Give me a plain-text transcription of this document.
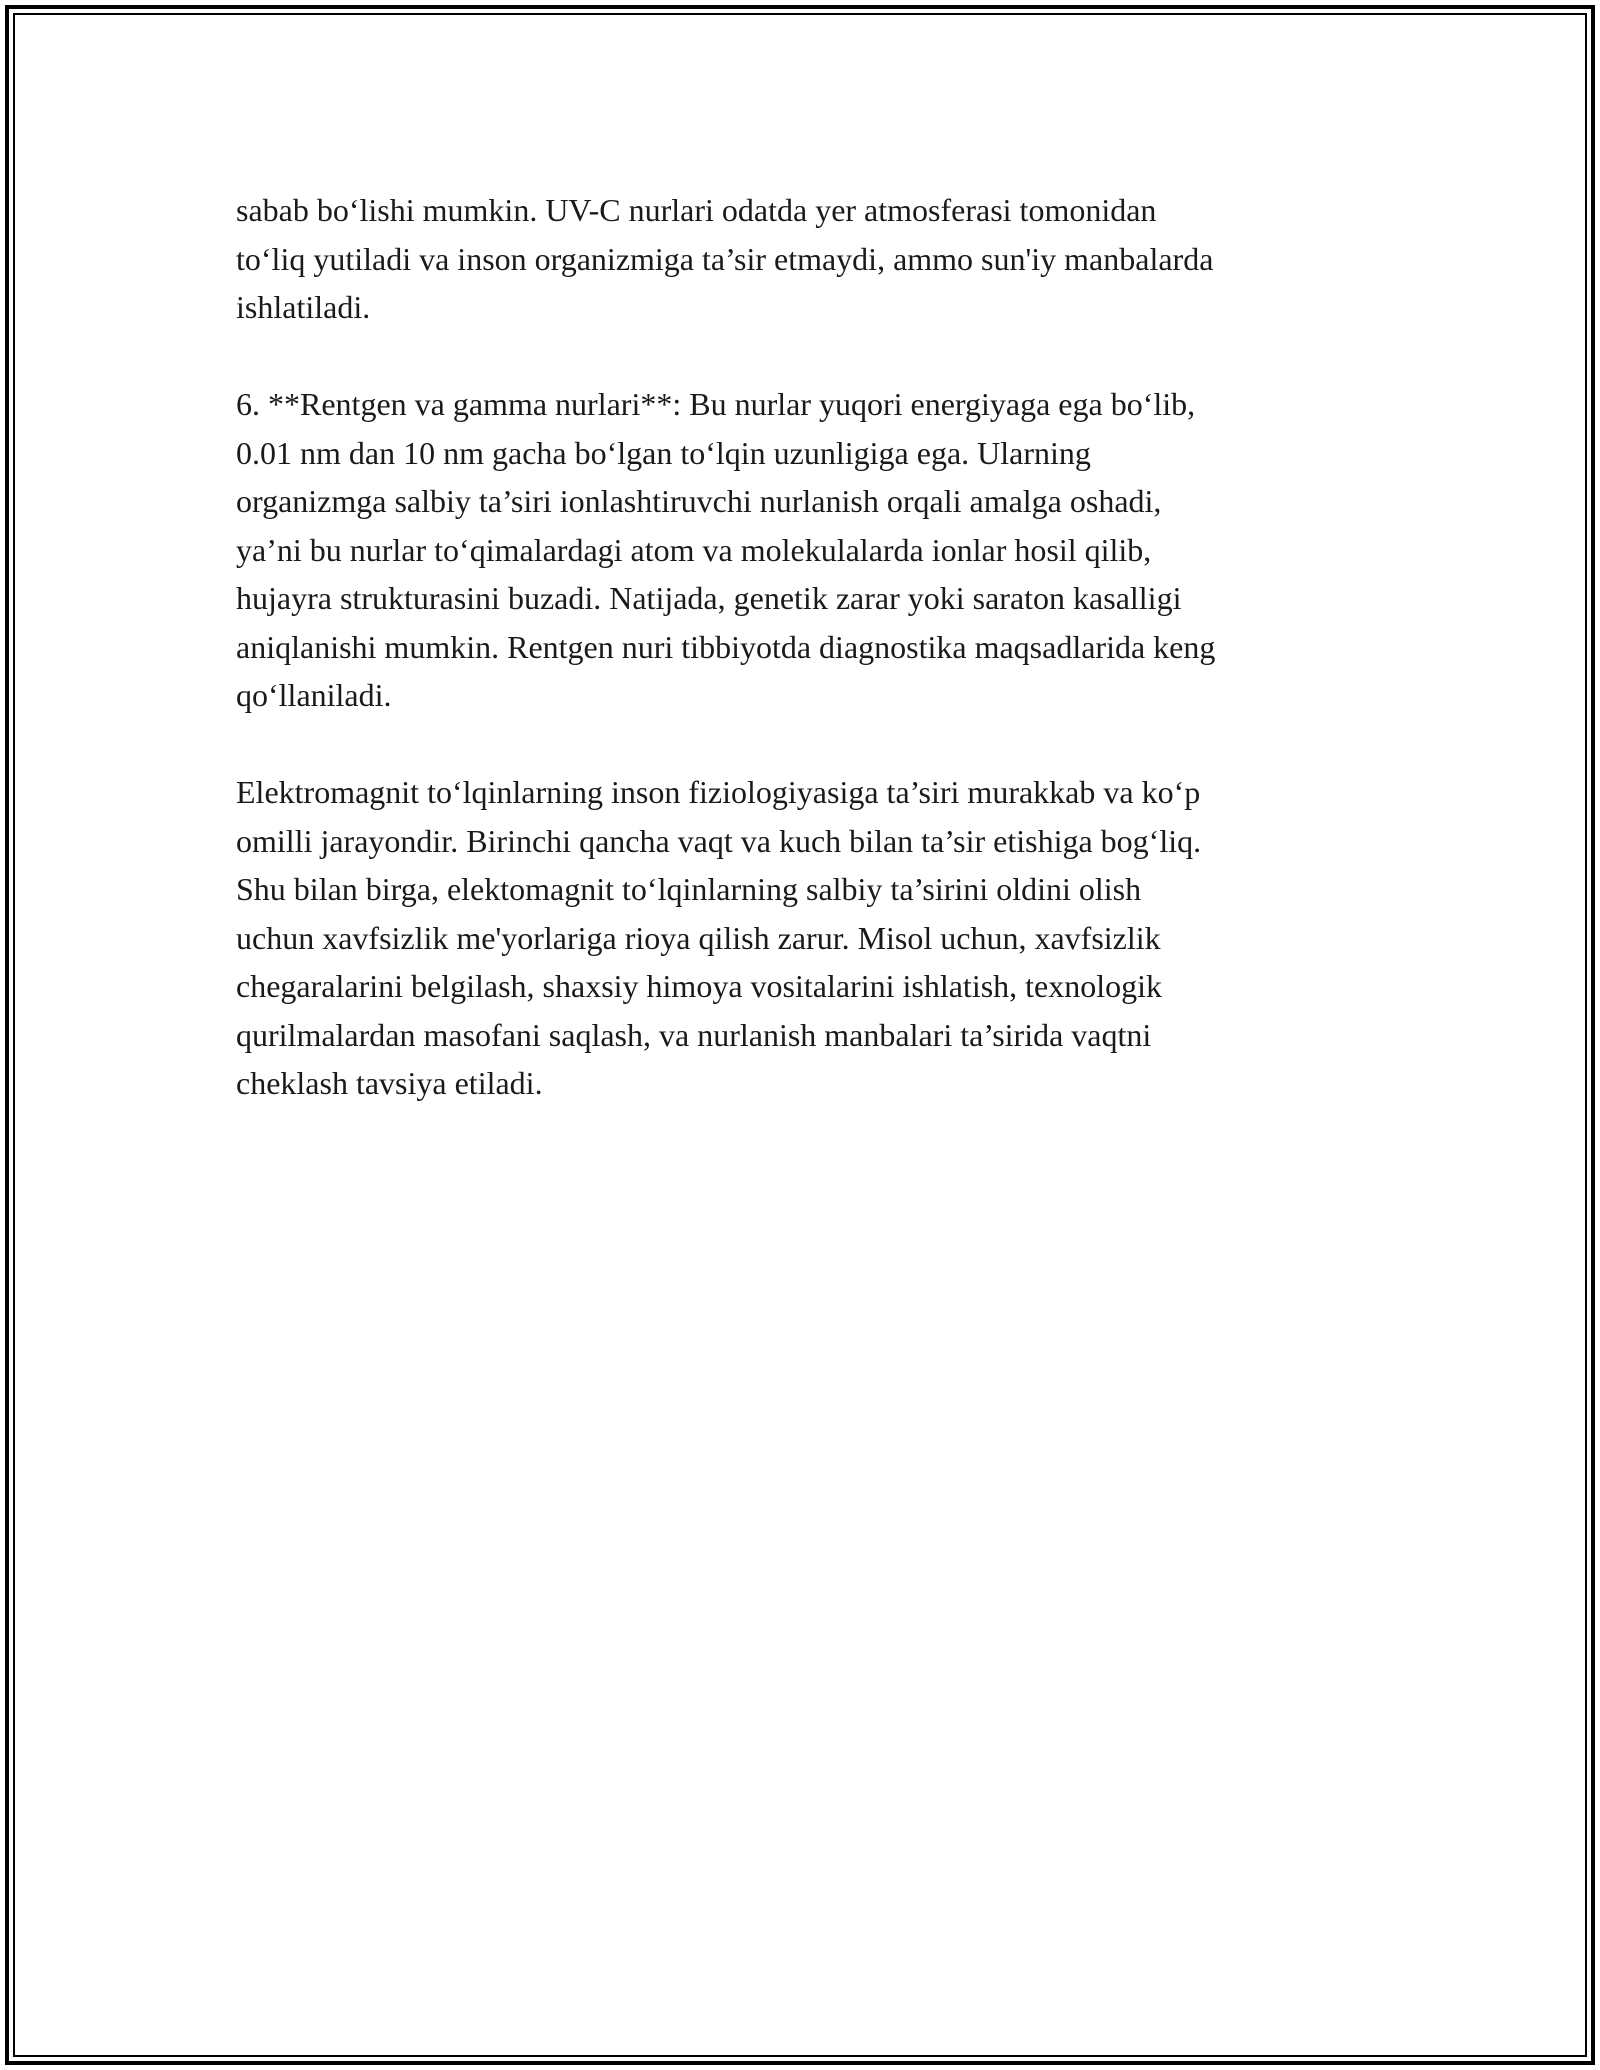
sabab bo‘lishi mumkin. UV-C nurlari odatda yer atmosferasi tomonidan
to‘liq yutiladi va inson organizmiga ta’sir etmaydi, ammo sun'iy manbalarda
ishlatiladi.
6. **Rentgen va gamma nurlari**: Bu nurlar yuqori energiyaga ega bo‘lib,
0.01 nm dan 10 nm gacha bo‘lgan to‘lqin uzunligiga ega. Ularning
organizmga salbiy ta’siri ionlashtiruvchi nurlanish orqali amalga oshadi,
ya’ni bu nurlar to‘qimalardagi atom va molekulalarda ionlar hosil qilib,
hujayra strukturasini buzadi. Natijada, genetik zarar yoki saraton kasalligi
aniqlanishi mumkin. Rentgen nuri tibbiyotda diagnostika maqsadlarida keng
qo‘llaniladi.
Elektromagnit to‘lqinlarning inson fiziologiyasiga ta’siri murakkab va ko‘p
omilli jarayondir. Birinchi qancha vaqt va kuch bilan ta’sir etishiga bog‘liq.
Shu bilan birga, elektomagnit to‘lqinlarning salbiy ta’sirini oldini olish
uchun xavfsizlik me'yorlariga rioya qilish zarur. Misol uchun, xavfsizlik
chegaralarini belgilash, shaxsiy himoya vositalarini ishlatish, texnologik
qurilmalardan masofani saqlash, va nurlanish manbalari ta’sirida vaqtni
cheklash tavsiya etiladi.
